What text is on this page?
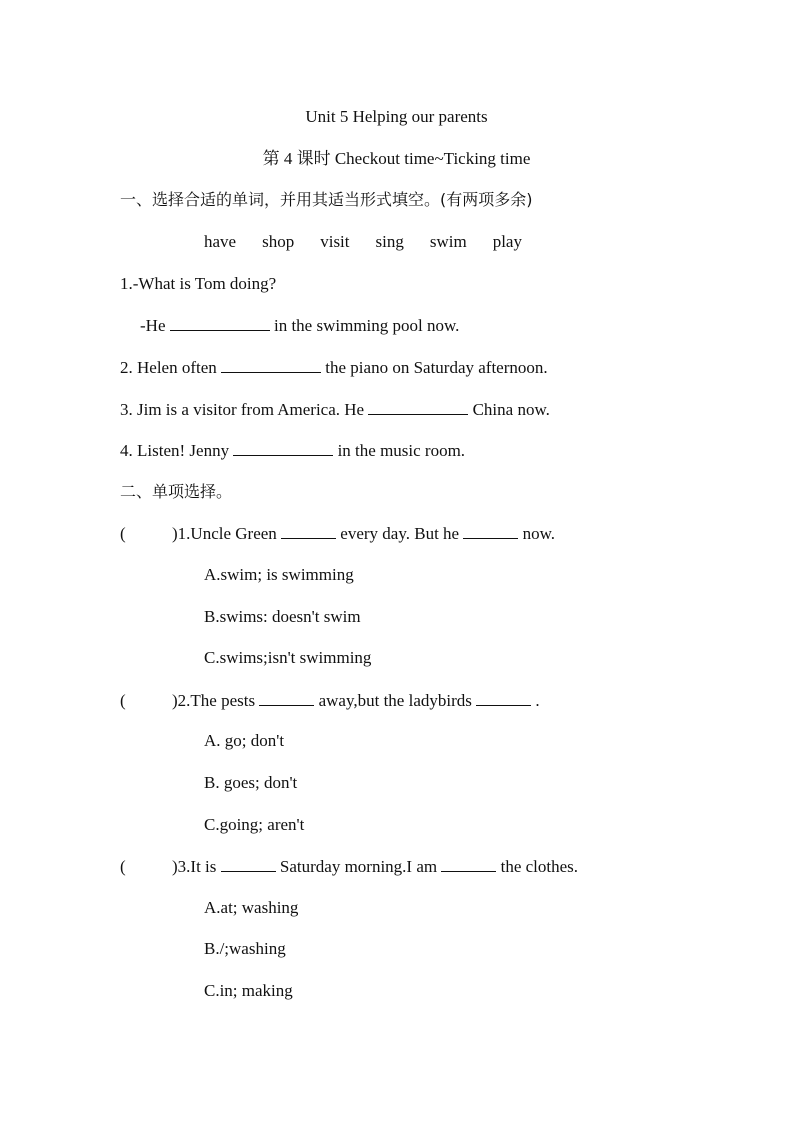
Unit 5 Helping our parents
第 4 课时 Checkout time~Ticking time
一、选择合适的单词，并用其适当形式填空。(有两项多余)
have shop visit sing swim play
1.-What is Tom doing?
-He	in the swimming pool now.
2. Helen often	the piano on Saturday afternoon.
3. Jim is a visitor from America. He	China now.
4. Listen! Jenny	in the music room.
二、单项选择。
(	)1.Uncle Green	every day. But he	now.
A.swim; is swimming
B.swims: doesn't swim
C.swims;isn't swimming
(	)2.The pests	away,but the ladybirds	.
A. go; don't
B. goes; don't
C.going; aren't
(	)3.It is	Saturday morning.I am	the clothes.
A.at; washing
B./;washing
C.in; making
